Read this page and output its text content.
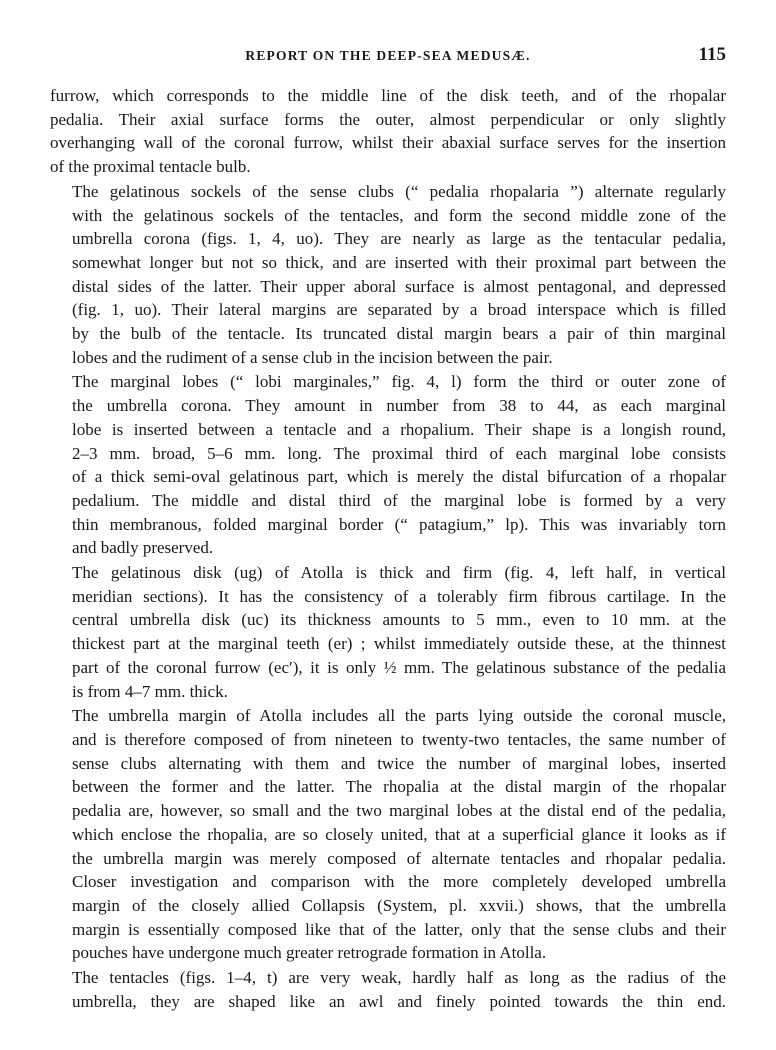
REPORT ON THE DEEP-SEA MEDUSÆ.	115

furrow, which corresponds to the middle line of the disk teeth, and of the rhopalar
pedalia. Their axial surface forms the outer, almost perpendicular or only slightly
overhanging wall of the coronal furrow, whilst their abaxial surface serves for the insertion
of the proximal tentacle bulb.

The gelatinous sockels of the sense clubs (“ pedalia rhopalaria ”) alternate regularly
with the gelatinous sockels of the tentacles, and form the second middle zone of the
umbrella corona (figs. 1, 4, uo). They are nearly as large as the tentacular pedalia,
somewhat longer but not so thick, and are inserted with their proximal part between the
distal sides of the latter. Their upper aboral surface is almost pentagonal, and depressed
(fig. 1, uo). Their lateral margins are separated by a broad interspace which is filled
by the bulb of the tentacle. Its truncated distal margin bears a pair of thin marginal
lobes and the rudiment of a sense club in the incision between the pair.

The marginal lobes (“ lobi marginales,” fig. 4, l) form the third or outer zone of
the umbrella corona. They amount in number from 38 to 44, as each marginal
lobe is inserted between a tentacle and a rhopalium. Their shape is a longish round,
2–3 mm. broad, 5–6 mm. long. The proximal third of each marginal lobe consists
of a thick semi-oval gelatinous part, which is merely the distal bifurcation of a rhopalar
pedalium. The middle and distal third of the marginal lobe is formed by a very
thin membranous, folded marginal border (“ patagium,” lp). This was invariably torn
and badly preserved.

The gelatinous disk (ug) of Atolla is thick and firm (fig. 4, left half, in vertical
meridian sections). It has the consistency of a tolerably firm fibrous cartilage. In the
central umbrella disk (uc) its thickness amounts to 5 mm., even to 10 mm. at the
thickest part at the marginal teeth (er) ; whilst immediately outside these, at the thinnest
part of the coronal furrow (ec′), it is only ½ mm. The gelatinous substance of the pedalia
is from 4–7 mm. thick.

The umbrella margin of Atolla includes all the parts lying outside the coronal muscle,
and is therefore composed of from nineteen to twenty-two tentacles, the same number of
sense clubs alternating with them and twice the number of marginal lobes, inserted
between the former and the latter. The rhopalia at the distal margin of the rhopalar
pedalia are, however, so small and the two marginal lobes at the distal end of the pedalia,
which enclose the rhopalia, are so closely united, that at a superficial glance it looks as if
the umbrella margin was merely composed of alternate tentacles and rhopalar pedalia.
Closer investigation and comparison with the more completely developed umbrella
margin of the closely allied Collapsis (System, pl. xxvii.) shows, that the umbrella
margin is essentially composed like that of the latter, only that the sense clubs and their
pouches have undergone much greater retrograde formation in Atolla.

The tentacles (figs. 1–4, t) are very weak, hardly half as long as the radius of the
umbrella, they are shaped like an awl and finely pointed towards the thin end.
